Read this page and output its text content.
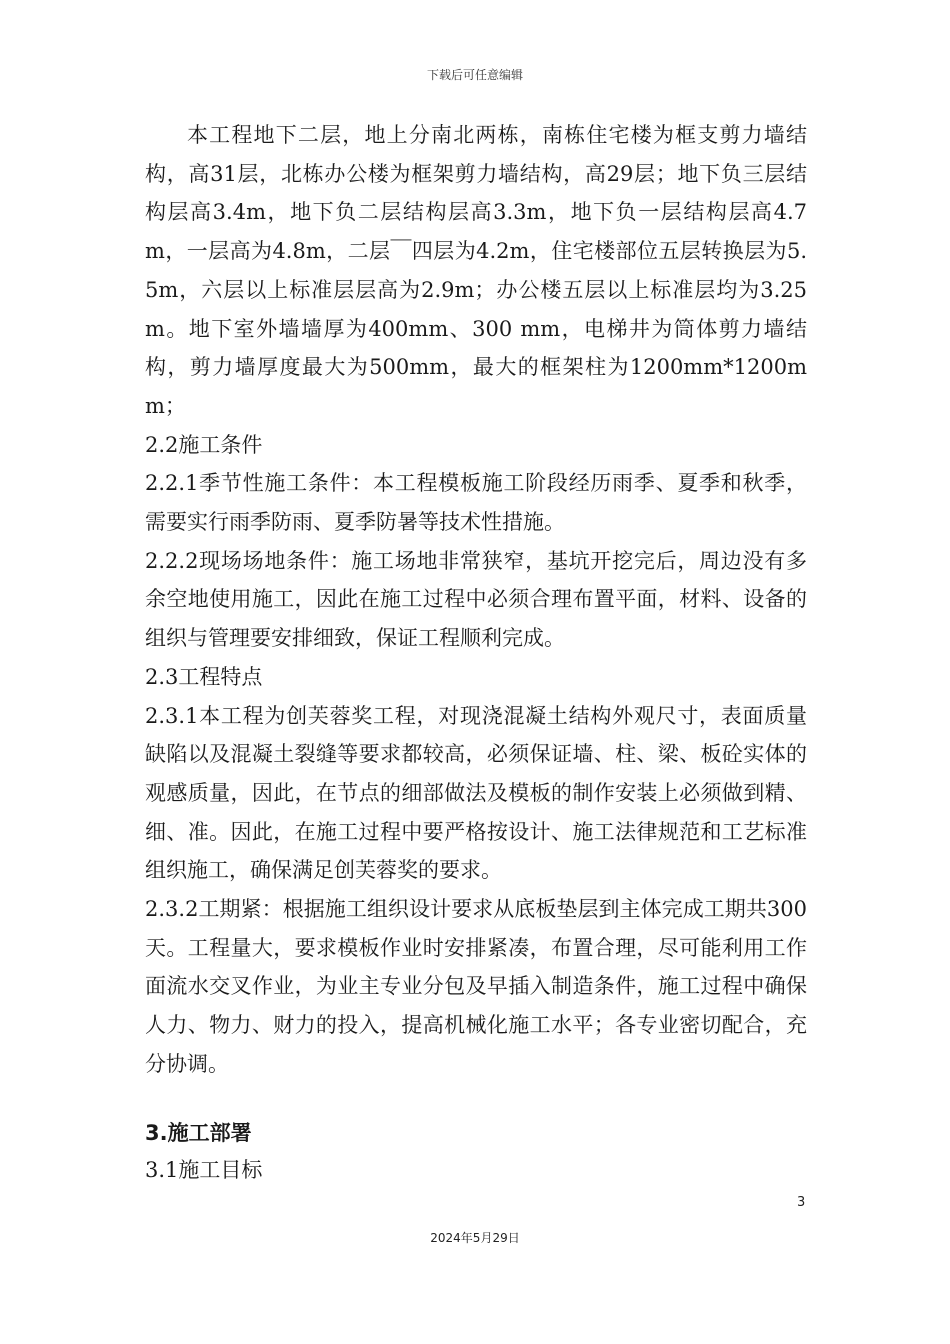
下载后可任意编辑

本工程地下二层，地上分南北两栋，南栋住宅楼为框支剪力墙结构，高31层，北栋办公楼为框架剪力墙结构，高29层；地下负三层结构层高3.4m，地下负二层结构层高3.3m，地下负一层结构层高4.7m，一层高为4.8m，二层￣四层为4.2m，住宅楼部位五层转换层为5.5m，六层以上标准层层高为2.9m；办公楼五层以上标准层均为3.25m。地下室外墙墙厚为400mm、300 mm，电梯井为筒体剪力墙结构，剪力墙厚度最大为500mm，最大的框架柱为1200mm*1200mm；

2.2施工条件

2.2.1季节性施工条件：本工程模板施工阶段经历雨季、夏季和秋季，需要实行雨季防雨、夏季防暑等技术性措施。

2.2.2现场场地条件：施工场地非常狭窄，基坑开挖完后，周边没有多余空地使用施工，因此在施工过程中必须合理布置平面，材料、设备的组织与管理要安排细致，保证工程顺利完成。

2.3工程特点

2.3.1本工程为创芙蓉奖工程，对现浇混凝土结构外观尺寸，表面质量缺陷以及混凝土裂缝等要求都较高，必须保证墙、柱、梁、板砼实体的观感质量，因此，在节点的细部做法及模板的制作安装上必须做到精、细、准。因此，在施工过程中要严格按设计、施工法律规范和工艺标准组织施工，确保满足创芙蓉奖的要求。

2.3.2工期紧：根据施工组织设计要求从底板垫层到主体完成工期共300天。工程量大，要求模板作业时安排紧凑，布置合理，尽可能利用工作面流水交叉作业，为业主专业分包及早插入制造条件，施工过程中确保人力、物力、财力的投入，提高机械化施工水平；各专业密切配合，充分协调。

3.施工部署

3.1施工目标

3
2024年5月29日
